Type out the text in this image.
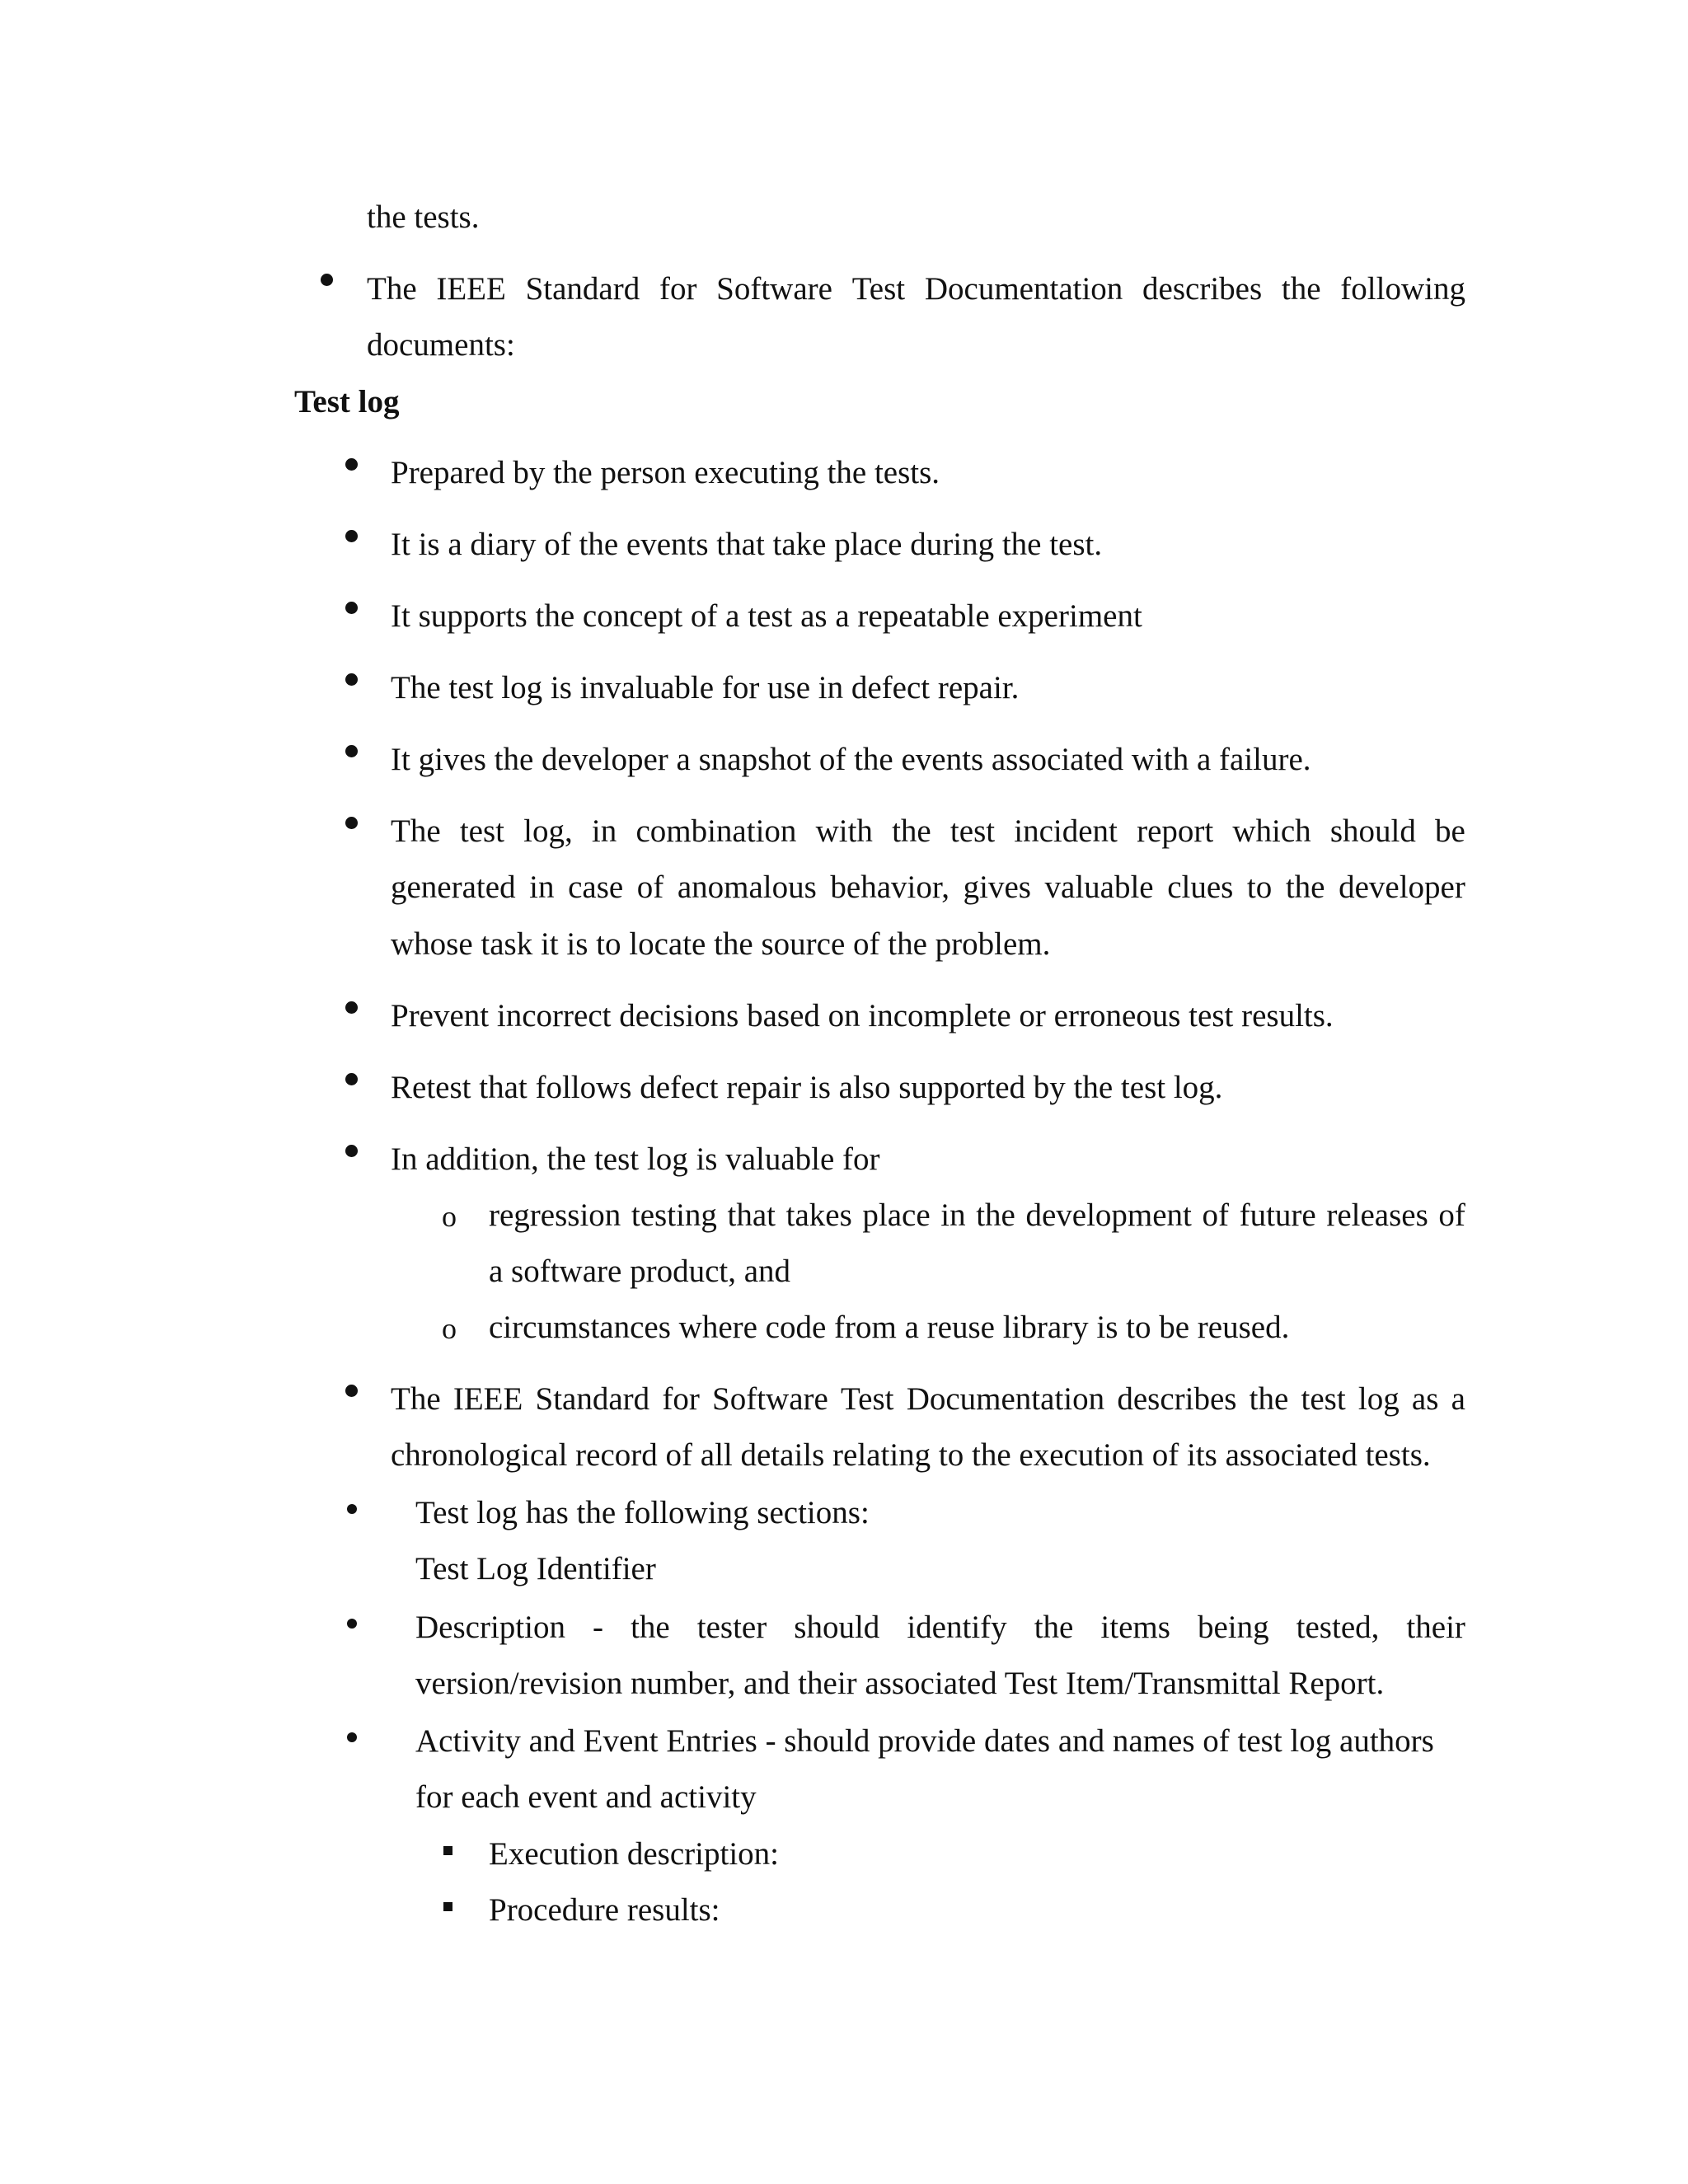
the tests.
The IEEE Standard for Software Test Documentation describes the following
documents:
Test log
Prepared by the person executing the tests.
It is a diary of the events that take place during the test.
It supports the concept of a test as a repeatable experiment
The test log is invaluable for use in defect repair.
It gives the developer a snapshot of the events associated with a failure.
The test log, in combination with the test incident report which should be
generated in case of anomalous behavior, gives valuable clues to the developer
whose task it is to locate the source of the problem.
Prevent incorrect decisions based on incomplete or erroneous test results.
Retest that follows defect repair is also supported by the test log.
In addition, the test log is valuable for
o regression testing that takes place in the development of future releases of
a software product, and
o circumstances where code from a reuse library is to be reused.
The IEEE Standard for Software Test Documentation describes the test log as a
chronological record of all details relating to the execution of its associated tests.
Test log has the following sections:
Test Log Identifier
Description - the tester should identify the items being tested, their
version/revision number, and their associated Test Item/Transmittal Report.
Activity and Event Entries - should provide dates and names of test log authors
for each event and activity
Execution description:
Procedure results:
